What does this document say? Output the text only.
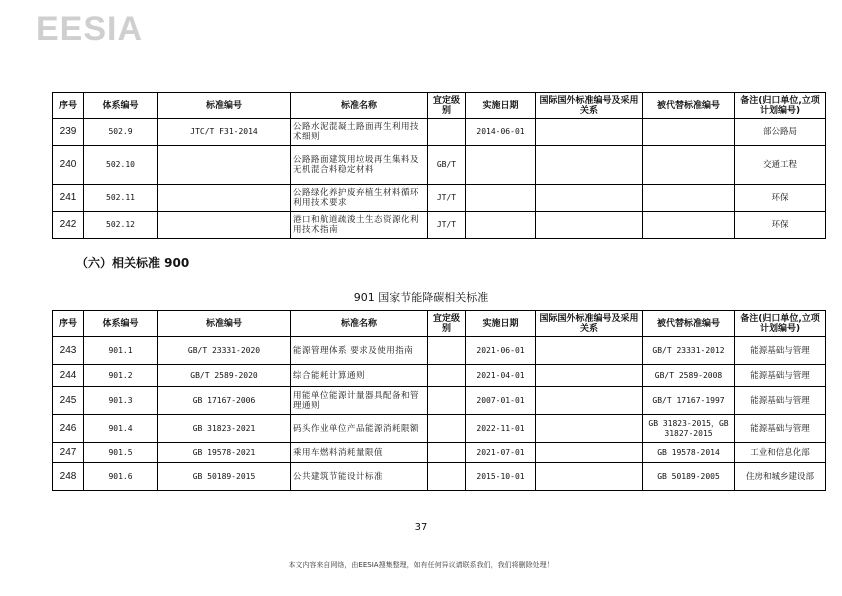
EESIA
序号	体系编号	标准编号	标准名称	宜定级别	实施日期	国际国外标准编号及采用关系	被代替标准编号	备注(归口单位,立项计划编号)
239	502.9	JTC/T F31-2014	公路水泥混凝土路面再生利用技术细则		2014-06-01			部公路局
240	502.10		公路路面建筑用垃圾再生集料及无机混合料稳定材料	GB/T				交通工程
241	502.11		公路绿化养护废弃植生材料循环利用技术要求	JT/T				环保
242	502.12		港口和航道疏浚土生态资源化利用技术指南	JT/T				环保
（六）相关标准 900
901 国家节能降碳相关标准
序号	体系编号	标准编号	标准名称	宜定级别	实施日期	国际国外标准编号及采用关系	被代替标准编号	备注(归口单位,立项计划编号)
243	901.1	GB/T 23331-2020	能源管理体系 要求及使用指南		2021-06-01		GB/T 23331-2012	能源基础与管理
244	901.2	GB/T 2589-2020	综合能耗计算通则		2021-04-01		GB/T 2589-2008	能源基础与管理
245	901.3	GB 17167-2006	用能单位能源计量器具配备和管理通则		2007-01-01		GB/T 17167-1997	能源基础与管理
246	901.4	GB 31823-2021	码头作业单位产品能源消耗限额		2022-11-01		GB 31823-2015，GB 31827-2015	能源基础与管理
247	901.5	GB 19578-2021	乘用车燃料消耗量限值		2021-07-01		GB 19578-2014	工业和信息化部
248	901.6	GB 50189-2015	公共建筑节能设计标准		2015-10-01		GB 50189-2005	住房和城乡建设部
37
本文内容来自网络，由EESIA搜集整理，如有任何异议请联系我们，我们将删除处理！
